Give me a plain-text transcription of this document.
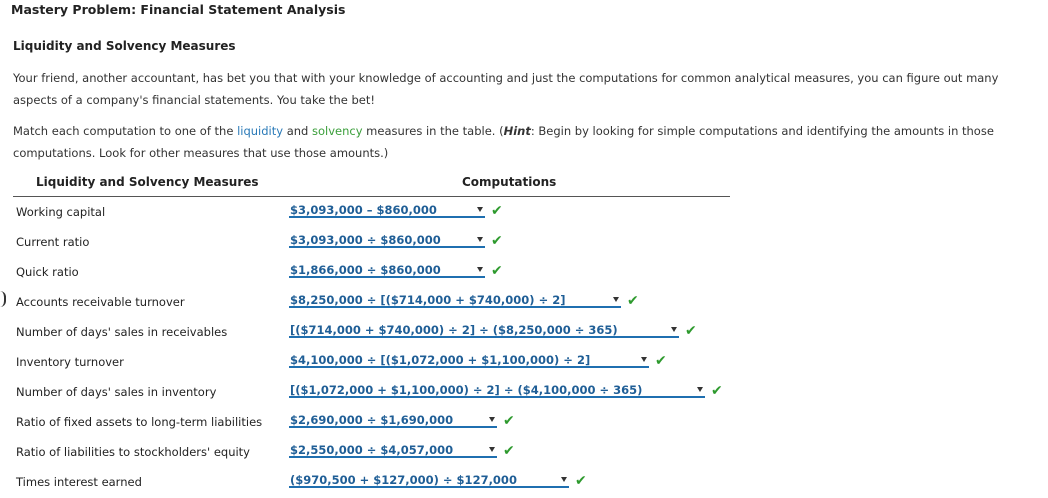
Mastery Problem: Financial Statement Analysis
Liquidity and Solvency Measures
Your friend, another accountant, has bet you that with your knowledge of accounting and just the computations for common analytical measures, you can figure out many aspects of a company's financial statements. You take the bet!
Match each computation to one of the liquidity and solvency measures in the table. (Hint: Begin by looking for simple computations and identifying the amounts in those computations. Look for other measures that use those amounts.)
Liquidity and Solvency Measures	Computations
Working capital	$3,093,000 – $860,000	✔
Current ratio	$3,093,000 ÷ $860,000	✔
Quick ratio	$1,866,000 ÷ $860,000	✔
Accounts receivable turnover	$8,250,000 ÷ [($714,000 + $740,000) ÷ 2]	✔
Number of days' sales in receivables	[($714,000 + $740,000) ÷ 2] ÷ ($8,250,000 ÷ 365)	✔
Inventory turnover	$4,100,000 ÷ [($1,072,000 + $1,100,000) ÷ 2]	✔
Number of days' sales in inventory	[($1,072,000 + $1,100,000) ÷ 2] ÷ ($4,100,000 ÷ 365)	✔
Ratio of fixed assets to long-term liabilities $2,690,000 ÷ $1,690,000	✔
Ratio of liabilities to stockholders' equity	$2,550,000 ÷ $4,057,000	✔
Times interest earned	($970,500 + $127,000) ÷ $127,000	✔
